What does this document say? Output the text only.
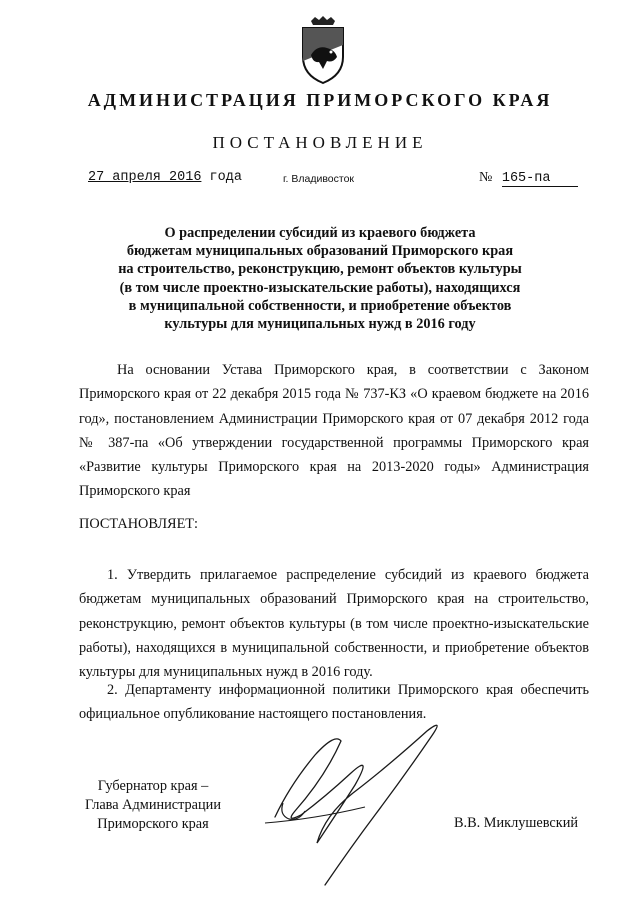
АДМИНИСТРАЦИЯ ПРИМОРСКОГО КРАЯ
ПОСТАНОВЛЕНИЕ
27 апреля 2016 года	г. Владивосток	№ 165-па
О распределении субсидий из краевого бюджета
бюджетам муниципальных образований Приморского края
на строительство, реконструкцию, ремонт объектов культуры
(в том числе проектно-изыскательские работы), находящихся
в муниципальной собственности, и приобретение объектов
культуры для муниципальных нужд в 2016 году
На основании Устава Приморского края, в соответствии с Законом Приморского края от 22 декабря 2015 года № 737-КЗ «О краевом бюджете на 2016 год», постановлением Администрации Приморского края от 07 декабря 2012 года № 387-па «Об утверждении государственной программы Приморского края «Развитие культуры Приморского края на 2013-2020 годы» Администрация Приморского края
ПОСТАНОВЛЯЕТ:
1. Утвердить прилагаемое распределение субсидий из краевого бюджета бюджетам муниципальных образований Приморского края на строительство, реконструкцию, ремонт объектов культуры (в том числе проектно-изыскательские работы), находящихся в муниципальной собственности, и приобретение объектов культуры для муниципальных нужд в 2016 году.
2. Департаменту информационной политики Приморского края обеспечить официальное опубликование настоящего постановления.
Губернатор края –
Глава Администрации
Приморского края	В.В. Миклушевский
